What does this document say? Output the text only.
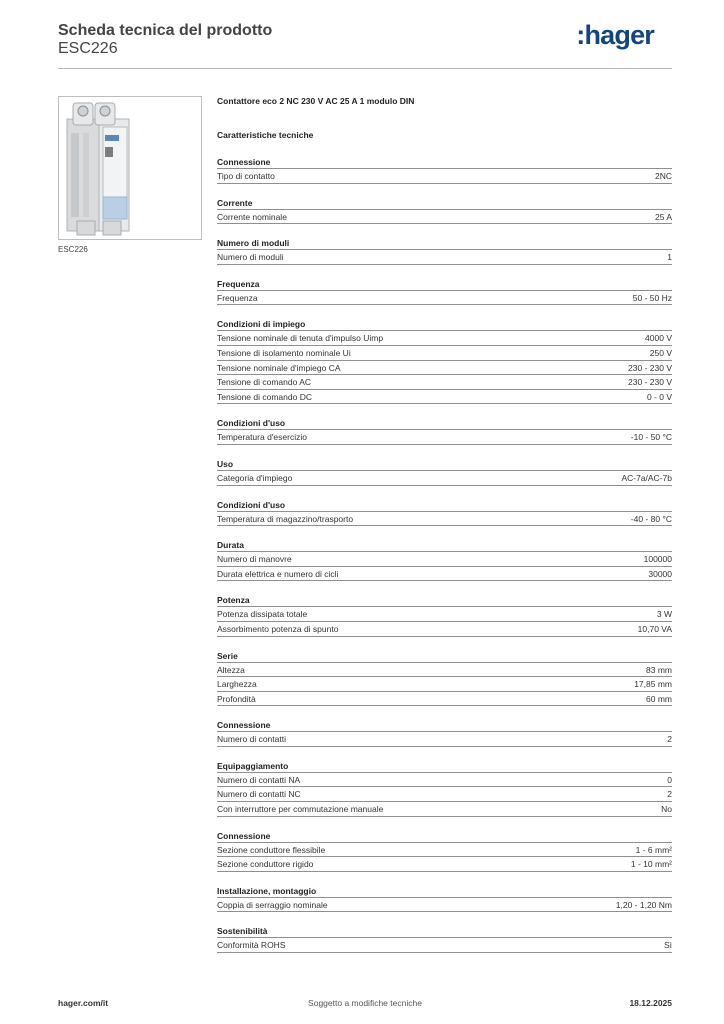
Scheda tecnica del prodotto
ESC226	:hager
ESC226
Contattore eco 2 NC 230 V AC 25 A 1 modulo DIN
Caratteristiche tecniche
Connessione
Tipo di contatto	2NC
Corrente
Corrente nominale	25 A
Numero di moduli
Numero di moduli	1
Frequenza
Frequenza	50 - 50 Hz
Condizioni di impiego
Tensione nominale di tenuta d'impulso Uimp	4000 V
Tensione di isolamento nominale Ui	250 V
Tensione nominale d'impiego CA	230 - 230 V
Tensione di comando AC	230 - 230 V
Tensione di comando DC	0 - 0 V
Condizioni d'uso
Temperatura d'esercizio	-10 - 50 °C
Uso
Categoria d'impiego	AC-7a/AC-7b
Condizioni d'uso
Temperatura di magazzino/trasporto	-40 - 80 °C
Durata
Numero di manovre	100000
Durata elettrica e numero di cicli	30000
Potenza
Potenza dissipata totale	3 W
Assorbimento potenza di spunto	10,70 VA
Serie
Altezza	83 mm
Larghezza	17,85 mm
Profondità	60 mm
Connessione
Numero di contatti	2
Equipaggiamento
Numero di contatti NA	0
Numero di contatti NC	2
Con interruttore per commutazione manuale	No
Connessione
Sezione conduttore flessibile	1 - 6 mm²
Sezione conduttore rigido	1 - 10 mm²
Installazione, montaggio
Coppia di serraggio nominale	1,20 - 1,20 Nm
Sostenibilità
Conformità ROHS	Sì
hager.com/it	Soggetto a modifiche tecniche	18.12.2025
